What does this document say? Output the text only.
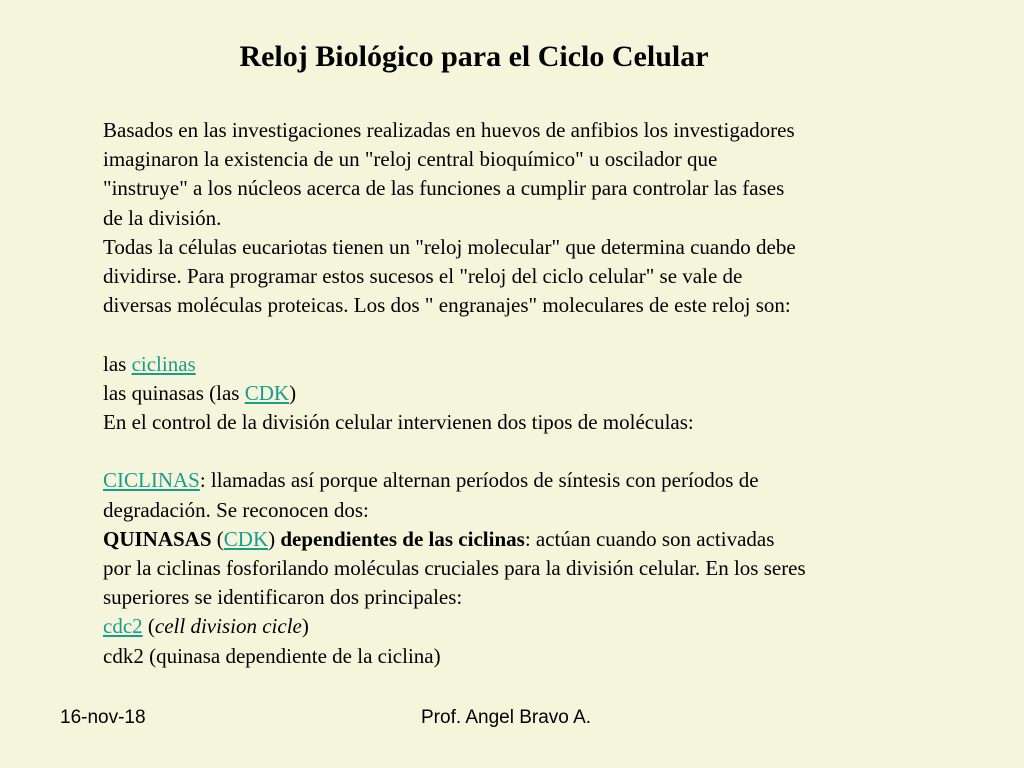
Reloj Biológico para el Ciclo Celular
Basados en las investigaciones realizadas en huevos de anfibios los investigadores
imaginaron la existencia de un "reloj central bioquímico" u oscilador que
"instruye" a los núcleos acerca de las funciones a cumplir para controlar las fases
de la división.
Todas la células eucariotas tienen un "reloj molecular" que determina cuando debe
dividirse. Para programar estos sucesos el "reloj del ciclo celular" se vale de
diversas moléculas proteicas. Los dos " engranajes" moleculares de este reloj son:
las ciclinas
las quinasas (las CDK)
En el control de la división celular intervienen dos tipos de moléculas:
CICLINAS: llamadas así porque alternan períodos de síntesis con períodos de
degradación. Se reconocen dos:
QUINASAS (CDK) dependientes de las ciclinas: actúan cuando son activadas
por la ciclinas fosforilando moléculas cruciales para la división celular. En los seres
superiores se identificaron dos principales:
cdc2 (cell division cicle)
cdk2 (quinasa dependiente de la ciclina)
16-nov-18	Prof. Angel Bravo A.
